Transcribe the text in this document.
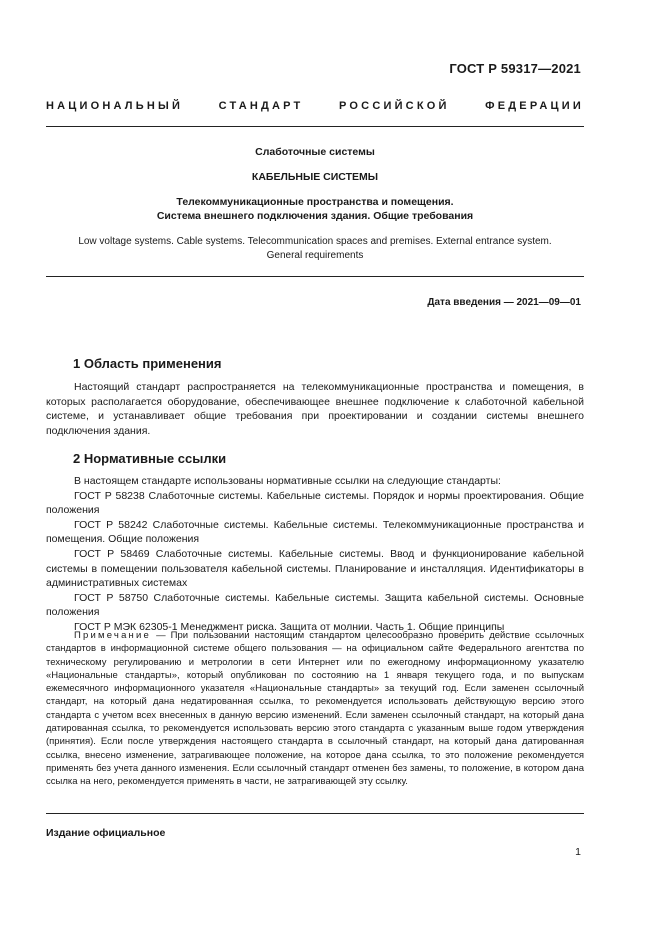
ГОСТ Р 59317—2021
НАЦИОНАЛЬНЫЙ СТАНДАРТ РОССИЙСКОЙ ФЕДЕРАЦИИ
Слаботочные системы
КАБЕЛЬНЫЕ СИСТЕМЫ
Телекоммуникационные пространства и помещения.
Система внешнего подключения здания. Общие требования
Low voltage systems. Cable systems. Telecommunication spaces and premises. External entrance system.
General requirements
Дата введения — 2021—09—01
1 Область применения

Настоящий стандарт распространяется на телекоммуникационные пространства и помещения, в которых располагается оборудование, обеспечивающее внешнее подключение к слаботочной кабельной системе, и устанавливает общие требования при проектировании и создании системы внешнего подключения здания.

2 Нормативные ссылки

В настоящем стандарте использованы нормативные ссылки на следующие стандарты:

ГОСТ Р 58238 Слаботочные системы. Кабельные системы. Порядок и нормы проектирования. Общие положения

ГОСТ Р 58242 Слаботочные системы. Кабельные системы. Телекоммуникационные пространства и помещения. Общие положения

ГОСТ Р 58469 Слаботочные системы. Кабельные системы. Ввод и функционирование кабельной системы в помещении пользователя кабельной системы. Планирование и инсталляция. Идентификаторы в административных системах

ГОСТ Р 58750 Слаботочные системы. Кабельные системы. Защита кабельной системы. Основные положения

ГОСТ Р МЭК 62305-1 Менеджмент риска. Защита от молнии. Часть 1. Общие принципы

Примечание — При пользовании настоящим стандартом целесообразно проверить действие ссылочных стандартов в информационной системе общего пользования — на официальном сайте Федерального агентства по техническому регулированию и метрологии в сети Интернет или по ежегодному информационному указателю «Национальные стандарты», который опубликован по состоянию на 1 января текущего года, и по выпускам ежемесячного информационного указателя «Национальные стандарты» за текущий год. Если заменен ссылочный стандарт, на который дана недатированная ссылка, то рекомендуется использовать действующую версию этого стандарта с учетом всех внесенных в данную версию изменений. Если заменен ссылочный стандарт, на который дана датированная ссылка, то рекомендуется использовать версию этого стандарта с указанным выше годом утверждения (принятия). Если после утверждения настоящего стандарта в ссылочный стандарт, на который дана датированная ссылка, внесено изменение, затрагивающее положение, на которое дана ссылка, то это положение рекомендуется применять без учета данного изменения. Если ссылочный стандарт отменен без замены, то положение, в котором дана ссылка на него, рекомендуется применять в части, не затрагивающей эту ссылку.

Издание официальное
1
